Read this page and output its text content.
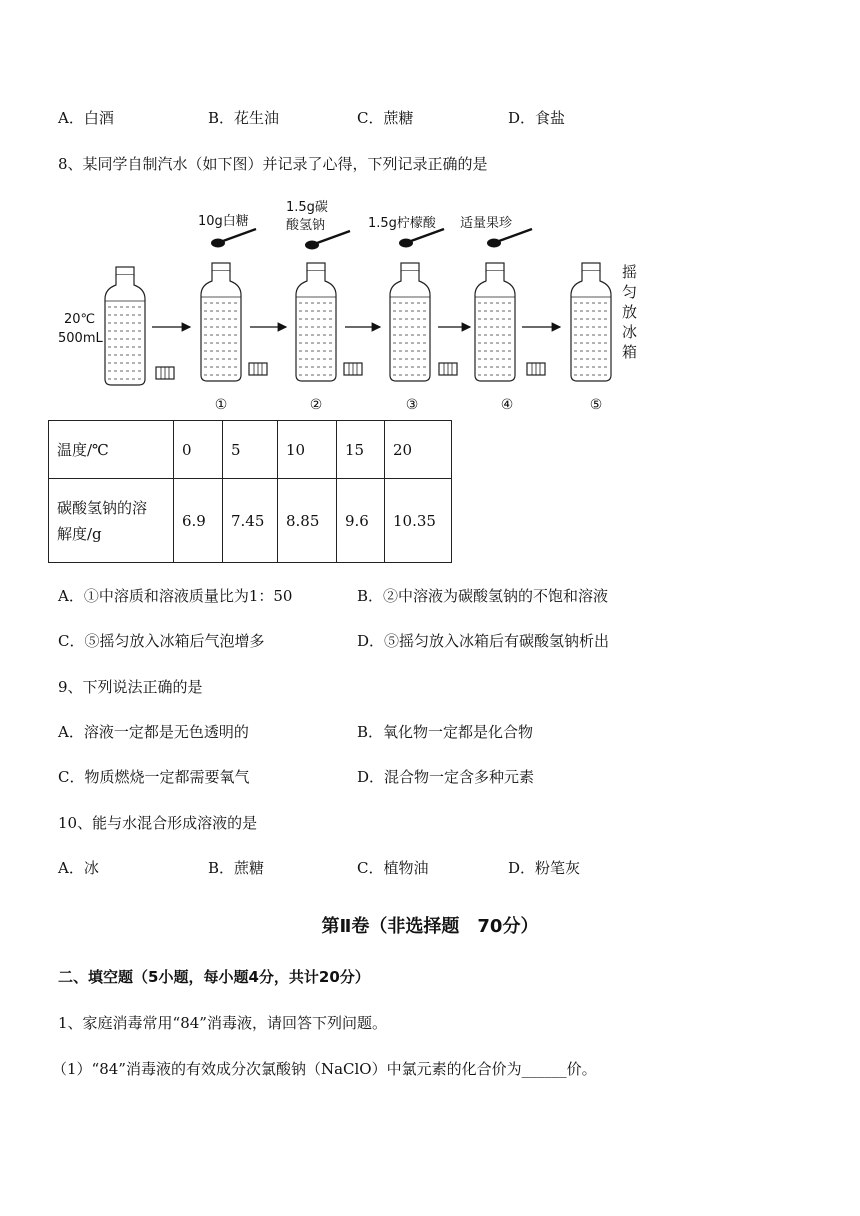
A．白酒	B．花生油	C．蔗糖	D．食盐
8、某同学自制汽水（如下图）并记录了心得，下列记录正确的是
20℃
500mL
10g白糖
①
1.5g碳
酸氢钠
②
1.5g柠檬酸
③
适量果珍
④	⑤
摇
匀
放
冰
箱
温度/℃	0	5	10	15	20

碳酸氢钠的溶
解度/g	6.9	7.45	8.85	9.6	10.35
A．①中溶质和溶液质量比为1：50	B．②中溶液为碳酸氢钠的不饱和溶液
C．⑤摇匀放入冰箱后气泡增多	D．⑤摇匀放入冰箱后有碳酸氢钠析出
9、下列说法正确的是
A．溶液一定都是无色透明的	B．氧化物一定都是化合物
C．物质燃烧一定都需要氧气	D．混合物一定含多种元素
10、能与水混合形成溶液的是
A．冰	B．蔗糖	C．植物油	D．粉笔灰
第Ⅱ卷（非选择题　70分）
二、填空题（5小题，每小题4分，共计20分）
1、家庭消毒常用“84”消毒液，请回答下列问题。
（1）“84”消毒液的有效成分次氯酸钠（NaClO）中氯元素的化合价为______价。
